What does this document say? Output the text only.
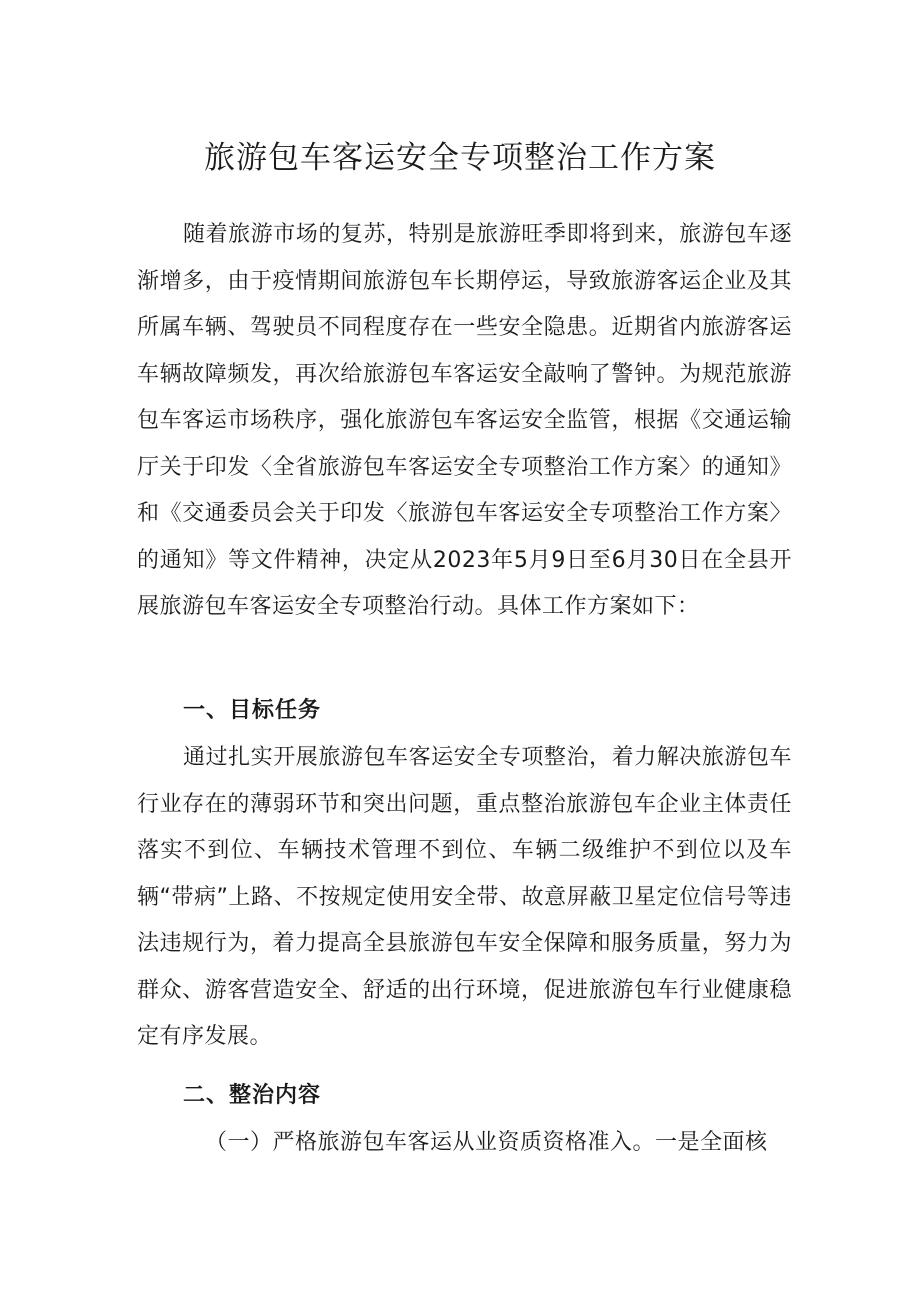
旅游包车客运安全专项整治工作方案

随着旅游市场的复苏，特别是旅游旺季即将到来，旅游包车逐渐增多，由于疫情期间旅游包车长期停运，导致旅游客运企业及其所属车辆、驾驶员不同程度存在一些安全隐患。近期省内旅游客运车辆故障频发，再次给旅游包车客运安全敲响了警钟。为规范旅游包车客运市场秩序，强化旅游包车客运安全监管，根据《交通运输厅关于印发〈全省旅游包车客运安全专项整治工作方案〉的通知》和《交通委员会关于印发〈旅游包车客运安全专项整治工作方案〉的通知》等文件精神，决定从2023年5月9日至6月30日在全县开展旅游包车客运安全专项整治行动。具体工作方案如下：

一、目标任务

通过扎实开展旅游包车客运安全专项整治，着力解决旅游包车行业存在的薄弱环节和突出问题，重点整治旅游包车企业主体责任落实不到位、车辆技术管理不到位、车辆二级维护不到位以及车辆“带病”上路、不按规定使用安全带、故意屏蔽卫星定位信号等违法违规行为，着力提高全县旅游包车安全保障和服务质量，努力为群众、游客营造安全、舒适的出行环境，促进旅游包车行业健康稳定有序发展。

二、整治内容

（一）严格旅游包车客运从业资质资格准入。一是全面核
